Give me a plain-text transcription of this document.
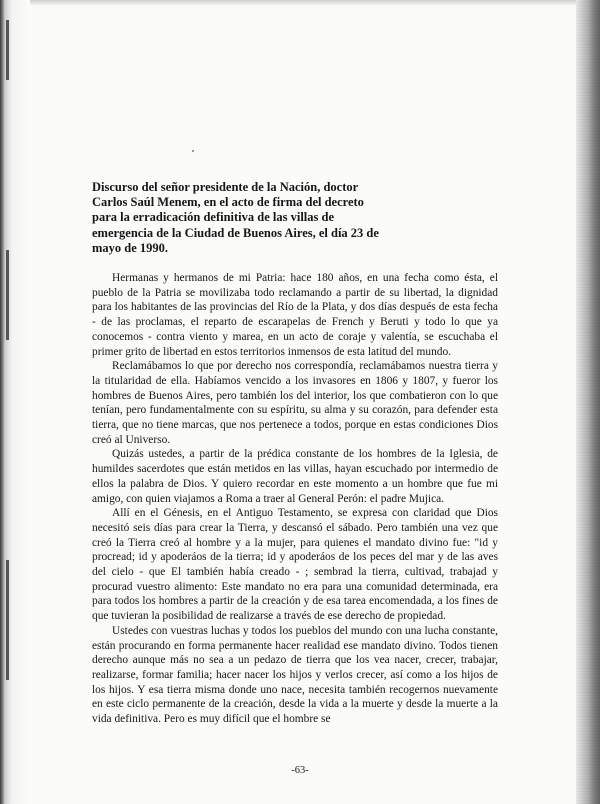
Discurso del señor presidente de la Nación, doctor Carlos Saúl Menem, en el acto de firma del decreto para la erradicación definitiva de las villas de emergencia de la Ciudad de Buenos Aires, el día 23 de mayo de 1990.

Hermanas y hermanos de mi Patria: hace 180 años, en una fecha como ésta, el pueblo de la Patria se movilizaba todo reclamando a partir de su libertad, la dignidad para los habitantes de las provincias del Río de la Plata, y dos días después de esta fecha - de las proclamas, el reparto de escarapelas de French y Beruti y todo lo que ya conocemos - contra viento y marea, en un acto de coraje y valentía, se escuchaba el primer grito de libertad en estos territorios inmensos de esta latitud del mundo.

Reclamábamos lo que por derecho nos correspondía, reclamábamos nuestra tierra y la titularidad de ella. Habíamos vencido a los invasores en 1806 y 1807, y fueror los hombres de Buenos Aires, pero también los del interior, los que combatieron con lo que tenían, pero fundamentalmente con su espíritu, su alma y su corazón, para defender esta tierra, que no tiene marcas, que nos pertenece a todos, porque en estas condiciones Dios creó al Universo.

Quizás ustedes, a partir de la prédica constante de los hombres de la Iglesia, de humildes sacerdotes que están metidos en las villas, hayan escuchado por intermedio de ellos la palabra de Dios. Y quiero recordar en este momento a un hombre que fue mi amigo, con quien viajamos a Roma a traer al General Perón: el padre Mujica.

Allí en el Génesis, en el Antiguo Testamento, se expresa con claridad que Dios necesitó seis días para crear la Tierra, y descansó el sábado. Pero también una vez que creó la Tierra creó al hombre y a la mujer, para quienes el mandato divino fue: "id y procread; id y apoderáos de la tierra; id y apoderáos de los peces del mar y de las aves del cielo - que El también había creado - ; sembrad la tierra, cultivad, trabajad y procurad vuestro alimento: Este mandato no era para una comunidad determinada, era para todos los hombres a partir de la creación y de esa tarea encomendada, a los fines de que tuvieran la posibilidad de realizarse a través de ese derecho de propiedad.

Ustedes con vuestras luchas y todos los pueblos del mundo con una lucha constante, están procurando en forma permanente hacer realidad ese mandato divino. Todos tienen derecho aunque más no sea a un pedazo de tierra que los vea nacer, crecer, trabajar, realizarse, formar familia; hacer nacer los hijos y verlos crecer, así como a los hijos de los hijos. Y esa tierra misma donde uno nace, necesita también recogernos nuevamente en este ciclo permanente de la creación, desde la vida a la muerte y desde la muerte a la vida definitiva. Pero es muy difícil que el hombre se

-63-
